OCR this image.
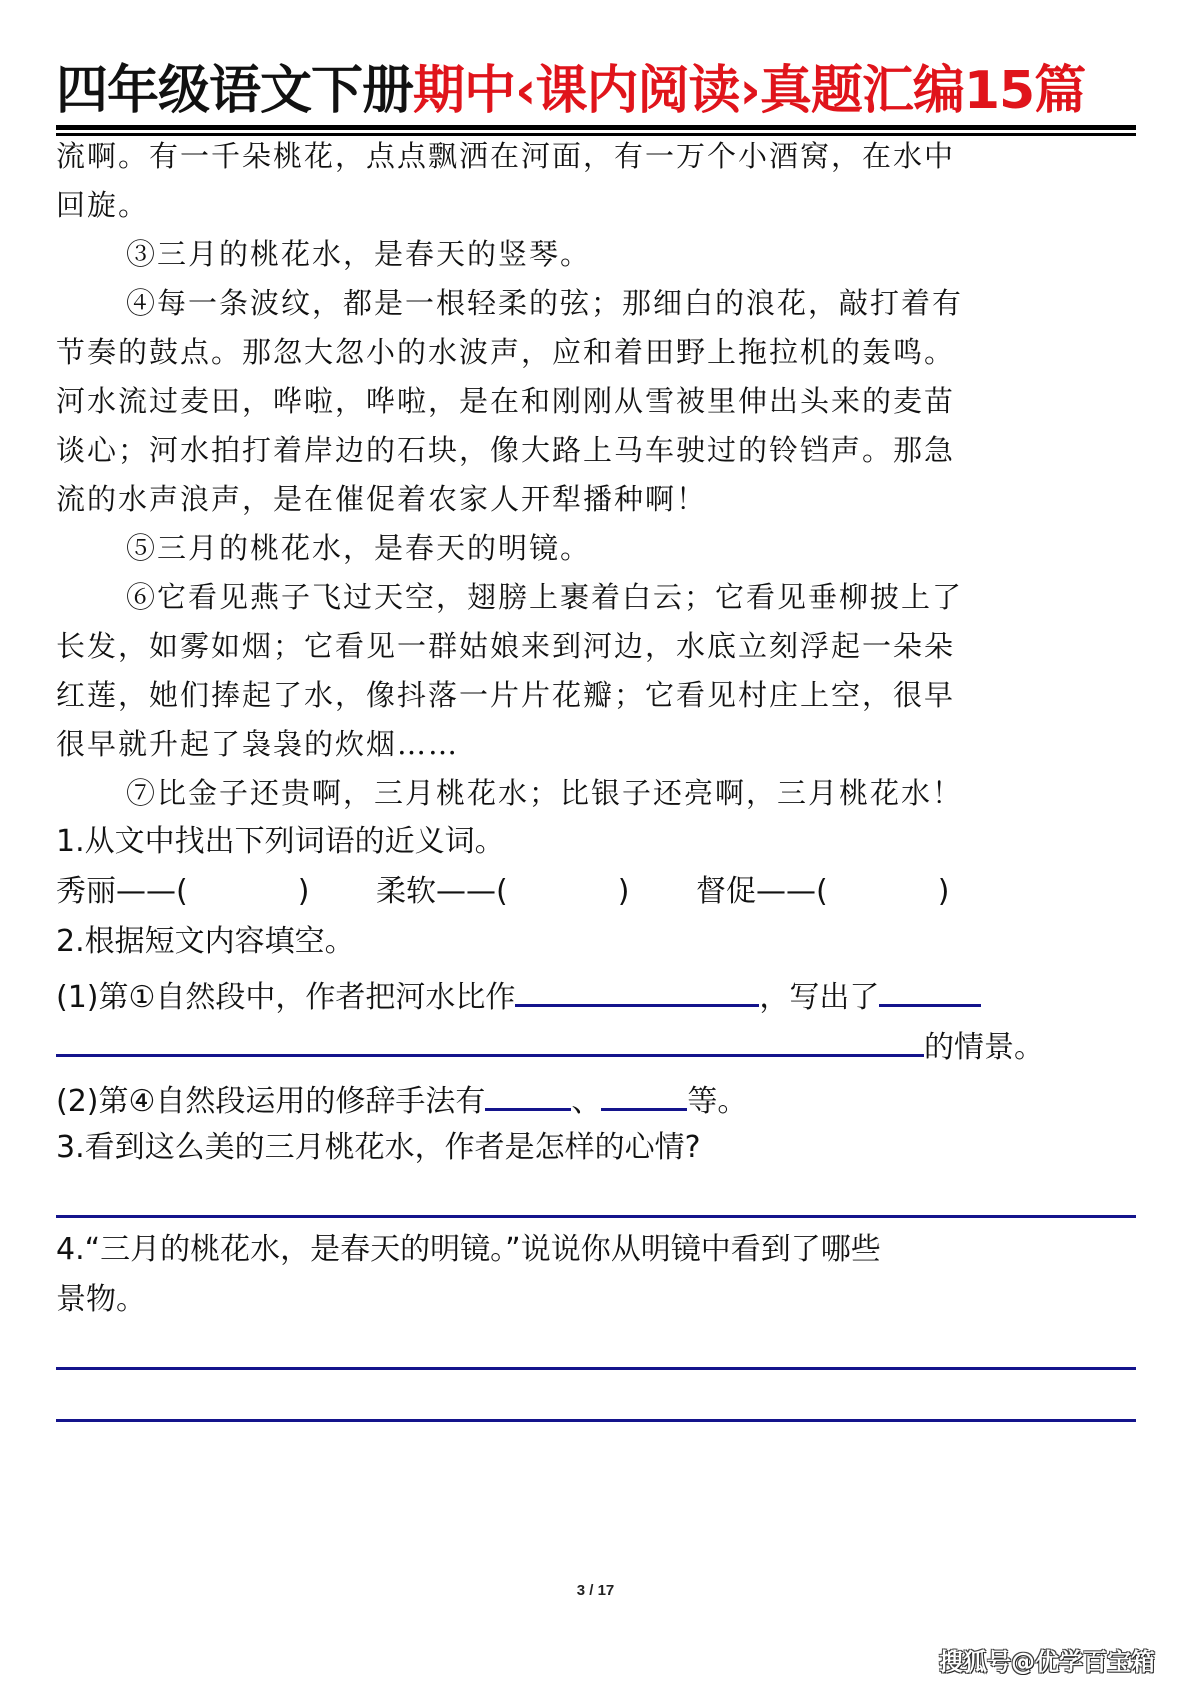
四年级语文下册期中‹课内阅读›真题汇编15篇
流啊。有一千朵桃花，点点飘洒在河面，有一万个小酒窝，在水中
回旋。
③三月的桃花水，是春天的竖琴。
④每一条波纹，都是一根轻柔的弦；那细白的浪花，敲打着有
节奏的鼓点。那忽大忽小的水波声，应和着田野上拖拉机的轰鸣。
河水流过麦田，哗啦，哗啦，是在和刚刚从雪被里伸出头来的麦苗
谈心；河水拍打着岸边的石块，像大路上马车驶过的铃铛声。那急
流的水声浪声，是在催促着农家人开犁播种啊！
⑤三月的桃花水，是春天的明镜。
⑥它看见燕子飞过天空，翅膀上裹着白云；它看见垂柳披上了
长发，如雾如烟；它看见一群姑娘来到河边，水底立刻浮起一朵朵
红莲，她们捧起了水，像抖落一片片花瓣；它看见村庄上空，很早
很早就升起了袅袅的炊烟……
⑦比金子还贵啊，三月桃花水；比银子还亮啊，三月桃花水！
1.从文中找出下列词语的近义词。
秀丽——(	) 柔软——(	) 督促——(	)
2.根据短文内容填空。
(1)第①自然段中，作者把河水比作	，写出了
的情景。
(2)第④自然段运用的修辞手法有	、	等。
3.看到这么美的三月桃花水，作者是怎样的心情?
4.“三月的桃花水，是春天的明镜。”说说你从明镜中看到了哪些
景物。
3 / 17
搜狐号@优学百宝箱
